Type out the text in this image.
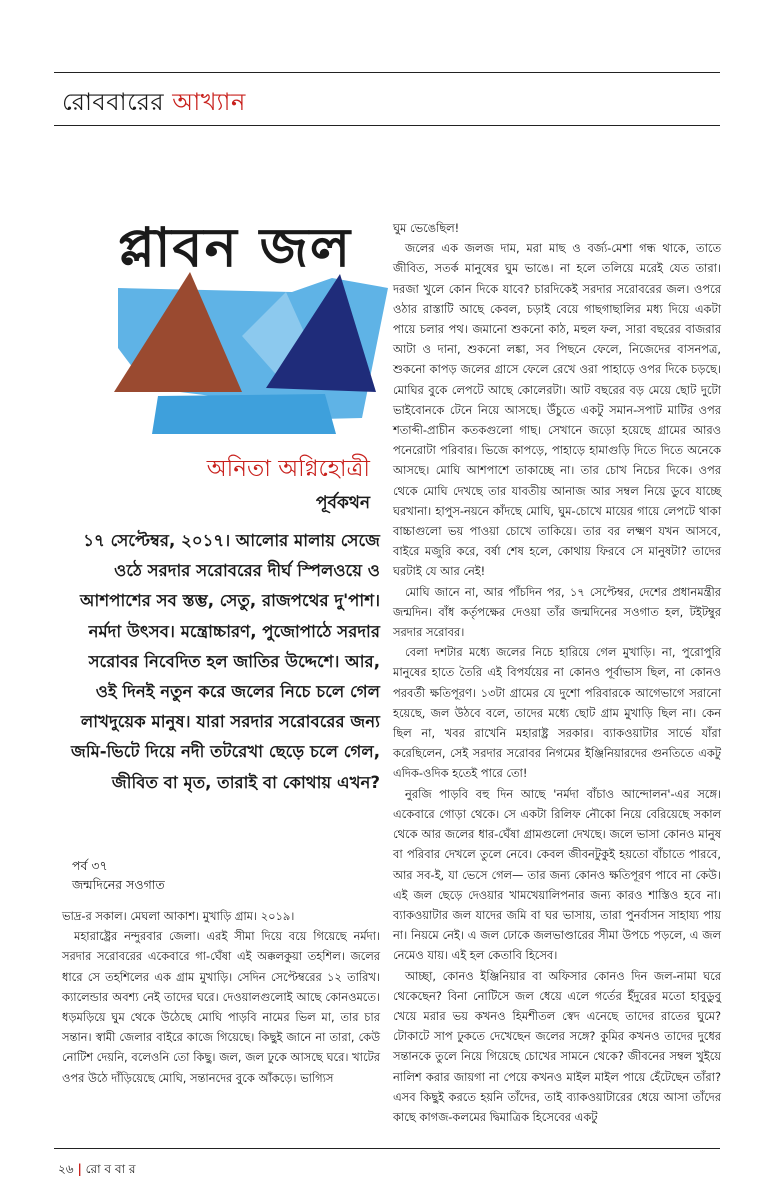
রোববারের আখ্যান
প্লাবন জল
অনিতা অগ্নিহোত্রী
পূর্বকথন

১৭ সেপ্টেম্বর, ২০১৭। আলোর মালায় সেজে ওঠে সরদার সরোবরের দীর্ঘ স্পিলওয়ে ও আশপাশের সব স্তম্ভ, সেতু, রাজপথের দু'পাশ। নর্মদা উৎসব। মন্ত্রোচ্চারণ, পুজোপাঠে সরদার সরোবর নিবেদিত হল জাতির উদ্দেশে। আর, ওই দিনই নতুন করে জলের নিচে চলে গেল লাখদুয়েক মানুষ। যারা সরদার সরোবরের জন্য জমি-ভিটে দিয়ে নদী তটরেখা ছেড়ে চলে গেল, জীবিত বা মৃত, তারাই বা কোথায় এখন?

পর্ব ৩৭
জন্মদিনের সওগাত

ভাদ্র-র সকাল। মেঘলা আকাশ। মুখাড়ি গ্রাম। ২০১৯।

মহারাষ্ট্রের নন্দুরবার জেলা। এরই সীমা দিয়ে বয়ে গিয়েছে নর্মদা। সরদার সরোবরের একেবারে গা-ঘেঁষা এই অক্কলকুয়া তহশিল। জলের ধারে সে তহশিলের এক গ্রাম মুখাড়ি। সেদিন সেপ্টেম্বরের ১২ তারিখ। ক্যালেন্ডার অবশ্য নেই তাদের ঘরে। দেওয়ালগুলোই আছে কোনওমতে। ধড়মড়িয়ে ঘুম থেকে উঠেছে মোঘি পাড়বি নামের ভিল মা, তার চার সন্তান। স্বামী জেলার বাইরে কাজে গিয়েছে। কিছুই জানে না তারা, কেউ নোটিশ দেয়নি, বলেওনি তো কিছু। জল, জল ঢুকে আসছে ঘরে। খাটের ওপর উঠে দাঁড়িয়েছে মোঘি, সন্তানদের বুকে আঁকড়ে। ভাগ্যিস

ঘুম ভেঙেছিল!

জলের এক জলজ দাম, মরা মাছ ও বর্জ্য-মেশা গন্ধ থাকে, তাতে জীবিত, সতর্ক মানুষের ঘুম ভাঙে। না হলে তলিয়ে মরেই যেত তারা। দরজা খুলে কোন দিকে যাবে? চারদিকেই সরদার সরোবরের জল। ওপরে ওঠার রাস্তাটি আছে কেবল, চড়াই বেয়ে গাছগাছালির মধ্য দিয়ে একটা পায়ে চলার পথ। জমানো শুকনো কাঠ, মহুল ফল, সারা বছরের বাজরার আটা ও দানা, শুকনো লঙ্কা, সব পিছনে ফেলে, নিজেদের বাসনপত্র, শুকনো কাপড় জলের গ্রাসে ফেলে রেখে ওরা পাহাড়ে ওপর দিকে চড়ছে। মোঘির বুকে লেপটে আছে কোলেরটা। আট বছরের বড় মেয়ে ছোট দুটো ভাইবোনকে টেনে নিয়ে আসছে। উঁচুতে একটু সমান-সপাট মাটির ওপর শতাব্দী-প্রাচীন কতকগুলো গাছ। সেখানে জড়ো হয়েছে গ্রামের আরও পনেরোটা পরিবার। ভিজে কাপড়ে, পাহাড়ে হামাগুড়ি দিতে দিতে অনেকে আসছে। মোঘি আশপাশে তাকাচ্ছে না। তার চোখ নিচের দিকে। ওপর থেকে মোঘি দেখছে তার যাবতীয় আনাজ আর সম্বল নিয়ে ডুবে যাচ্ছে ঘরখানা। হাপুস-নয়নে কাঁদছে মোঘি, ঘুম-চোখে মায়ের গায়ে লেপটে থাকা বাচ্চাগুলো ভয় পাওয়া চোখে তাকিয়ে। তার বর লক্ষ্মণ যখন আসবে, বাইরে মজুরি করে, বর্ষা শেষ হলে, কোথায় ফিরবে সে মানুষটা? তাদের ঘরটাই যে আর নেই!

মোঘি জানে না, আর পাঁচদিন পর, ১৭ সেপ্টেম্বর, দেশের প্রধানমন্ত্রীর জন্মদিন। বাঁধ কর্তৃপক্ষের দেওয়া তাঁর জন্মদিনের সওগাত হল, টইটম্বুর সরদার সরোবর।

বেলা দশটার মধ্যে জলের নিচে হারিয়ে গেল মুখাড়ি। না, পুরোপুরি মানুষের হাতে তৈরি এই বিপর্যয়ের না কোনও পূর্বাভাস ছিল, না কোনও পরবর্তী ক্ষতিপূরণ। ১৩টা গ্রামের যে দুশো পরিবারকে আগেভাগে সরানো হয়েছে, জল উঠবে বলে, তাদের মধ্যে ছোট গ্রাম মুখাড়ি ছিল না। কেন ছিল না, খবর রাখেনি মহারাষ্ট্র সরকার। ব্যাকওয়াটার সার্ভে যাঁরা করেছিলেন, সেই সরদার সরোবর নিগমের ইঞ্জিনিয়ারদের গুনতিতে একটু এদিক-ওদিক হতেই পারে তো!

নুরজি পাড়বি বহু দিন আছে 'নর্মদা বাঁচাও আন্দোলন'-এর সঙ্গে। একেবারে গোড়া থেকে। সে একটা রিলিফ নৌকো নিয়ে বেরিয়েছে সকাল থেকে আর জলের ধার-ঘেঁষা গ্রামগুলো দেখছে। জলে ভাসা কোনও মানুষ বা পরিবার দেখলে তুলে নেবে। কেবল জীবনটুকুই হয়তো বাঁচাতে পারবে, আর সব-ই, যা ভেসে গেল— তার জন্য কোনও ক্ষতিপূরণ পাবে না কেউ। এই জল ছেড়ে দেওয়ার খামখেয়ালিপনার জন্য কারও শাস্তিও হবে না। ব্যাকওয়াটার জল যাদের জমি বা ঘর ভাসায়, তারা পুনর্বাসন সাহায্য পায় না। নিয়মে নেই। এ জল ঢোকে জলভাণ্ডারের সীমা উপচে পড়লে, এ জল নেমেও যায়। এই হল কেতাবি হিসেব।

আচ্ছা, কোনও ইঞ্জিনিয়ার বা অফিসার কোনও দিন জল-নামা ঘরে থেকেছেন? বিনা নোটিসে জল ধেয়ে এলে গর্তের ইঁদুরের মতো হাবুডুবু খেয়ে মরার ভয় কখনও হিমশীতল স্বেদ এনেছে তাদের রাতের ঘুমে? টোকাটে সাপ ঢুকতে দেখেছেন জলের সঙ্গে? কুমির কখনও তাদের দুধের সন্তানকে তুলে নিয়ে গিয়েছে চোখের সামনে থেকে? জীবনের সম্বল খুইয়ে নালিশ করার জায়গা না পেয়ে কখনও মাইল মাইল পায়ে হেঁটেছেন তাঁরা? এসব কিছুই করতে হয়নি তাঁদের, তাই ব্যাকওয়াটারের ধেয়ে আসা তাঁদের কাছে কাগজ-কলমের দ্বিমাত্রিক হিসেবের একটু

২৬ | রো ব বা র
